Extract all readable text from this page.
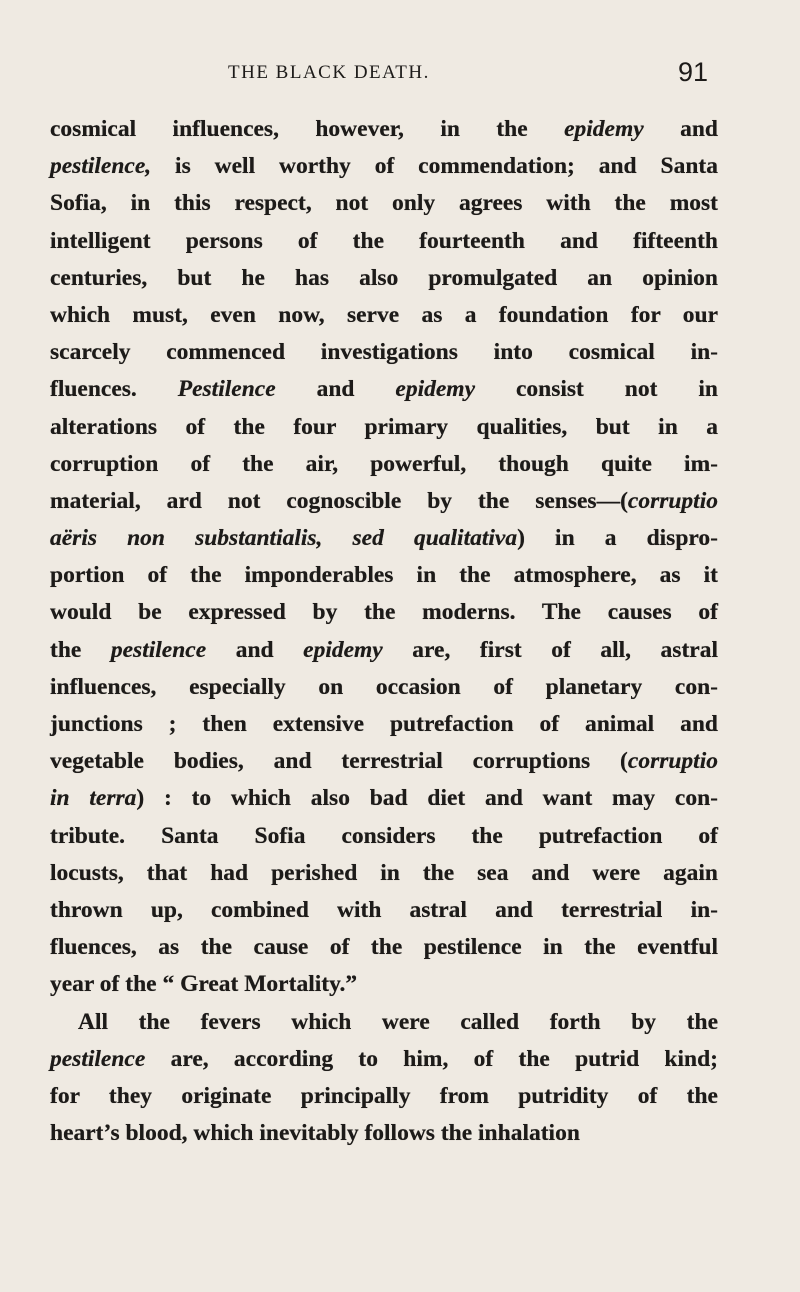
THE BLACK DEATH.	91
cosmical influences, however, in the epidemy and
pestilence, is well worthy of commendation; and Santa
Sofia, in this respect, not only agrees with the most
intelligent persons of the fourteenth and fifteenth
centuries, but he has also promulgated an opinion
which must, even now, serve as a foundation for our
scarcely commenced investigations into cosmical in-
fluences. Pestilence and epidemy consist not in
alterations of the four primary qualities, but in a
corruption of the air, powerful, though quite im-
material, ard not cognoscible by the senses—(corruptio
aëris non substantialis, sed qualitativa) in a dispro-
portion of the imponderables in the atmosphere, as it
would be expressed by the moderns. The causes of
the pestilence and epidemy are, first of all, astral
influences, especially on occasion of planetary con-
junctions ; then extensive putrefaction of animal and
vegetable bodies, and terrestrial corruptions (corruptio
in terra) : to which also bad diet and want may con-
tribute. Santa Sofia considers the putrefaction of
locusts, that had perished in the sea and were again
thrown up, combined with astral and terrestrial in-
fluences, as the cause of the pestilence in the eventful
year of the “ Great Mortality.”
All the fevers which were called forth by the
pestilence are, according to him, of the putrid kind;
for they originate principally from putridity of the
heart’s blood, which inevitably follows the inhalation
